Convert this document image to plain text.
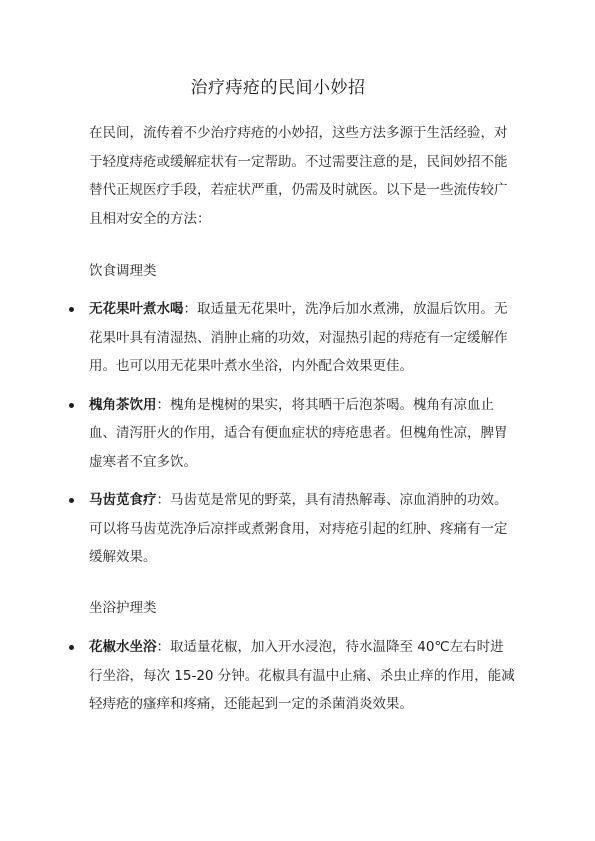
治疗痔疮的民间小妙招

在民间，流传着不少治疗痔疮的小妙招，这些方法多源于生活经验，对于轻度痔疮或缓解症状有一定帮助。不过需要注意的是，民间妙招不能替代正规医疗手段，若症状严重，仍需及时就医。以下是一些流传较广且相对安全的方法：

饮食调理类
无花果叶煮水喝：取适量无花果叶，洗净后加水煮沸，放温后饮用。无花果叶具有清湿热、消肿止痛的功效，对湿热引起的痔疮有一定缓解作用。也可以用无花果叶煮水坐浴，内外配合效果更佳。
槐角茶饮用：槐角是槐树的果实，将其晒干后泡茶喝。槐角有凉血止血、清泻肝火的作用，适合有便血症状的痔疮患者。但槐角性凉，脾胃虚寒者不宜多饮。
马齿苋食疗：马齿苋是常见的野菜，具有清热解毒、凉血消肿的功效。可以将马齿苋洗净后凉拌或煮粥食用，对痔疮引起的红肿、疼痛有一定缓解效果。
坐浴护理类
花椒水坐浴：取适量花椒，加入开水浸泡，待水温降至 40℃左右时进行坐浴，每次 15-20 分钟。花椒具有温中止痛、杀虫止痒的作用，能减轻痔疮的瘙痒和疼痛，还能起到一定的杀菌消炎效果。
